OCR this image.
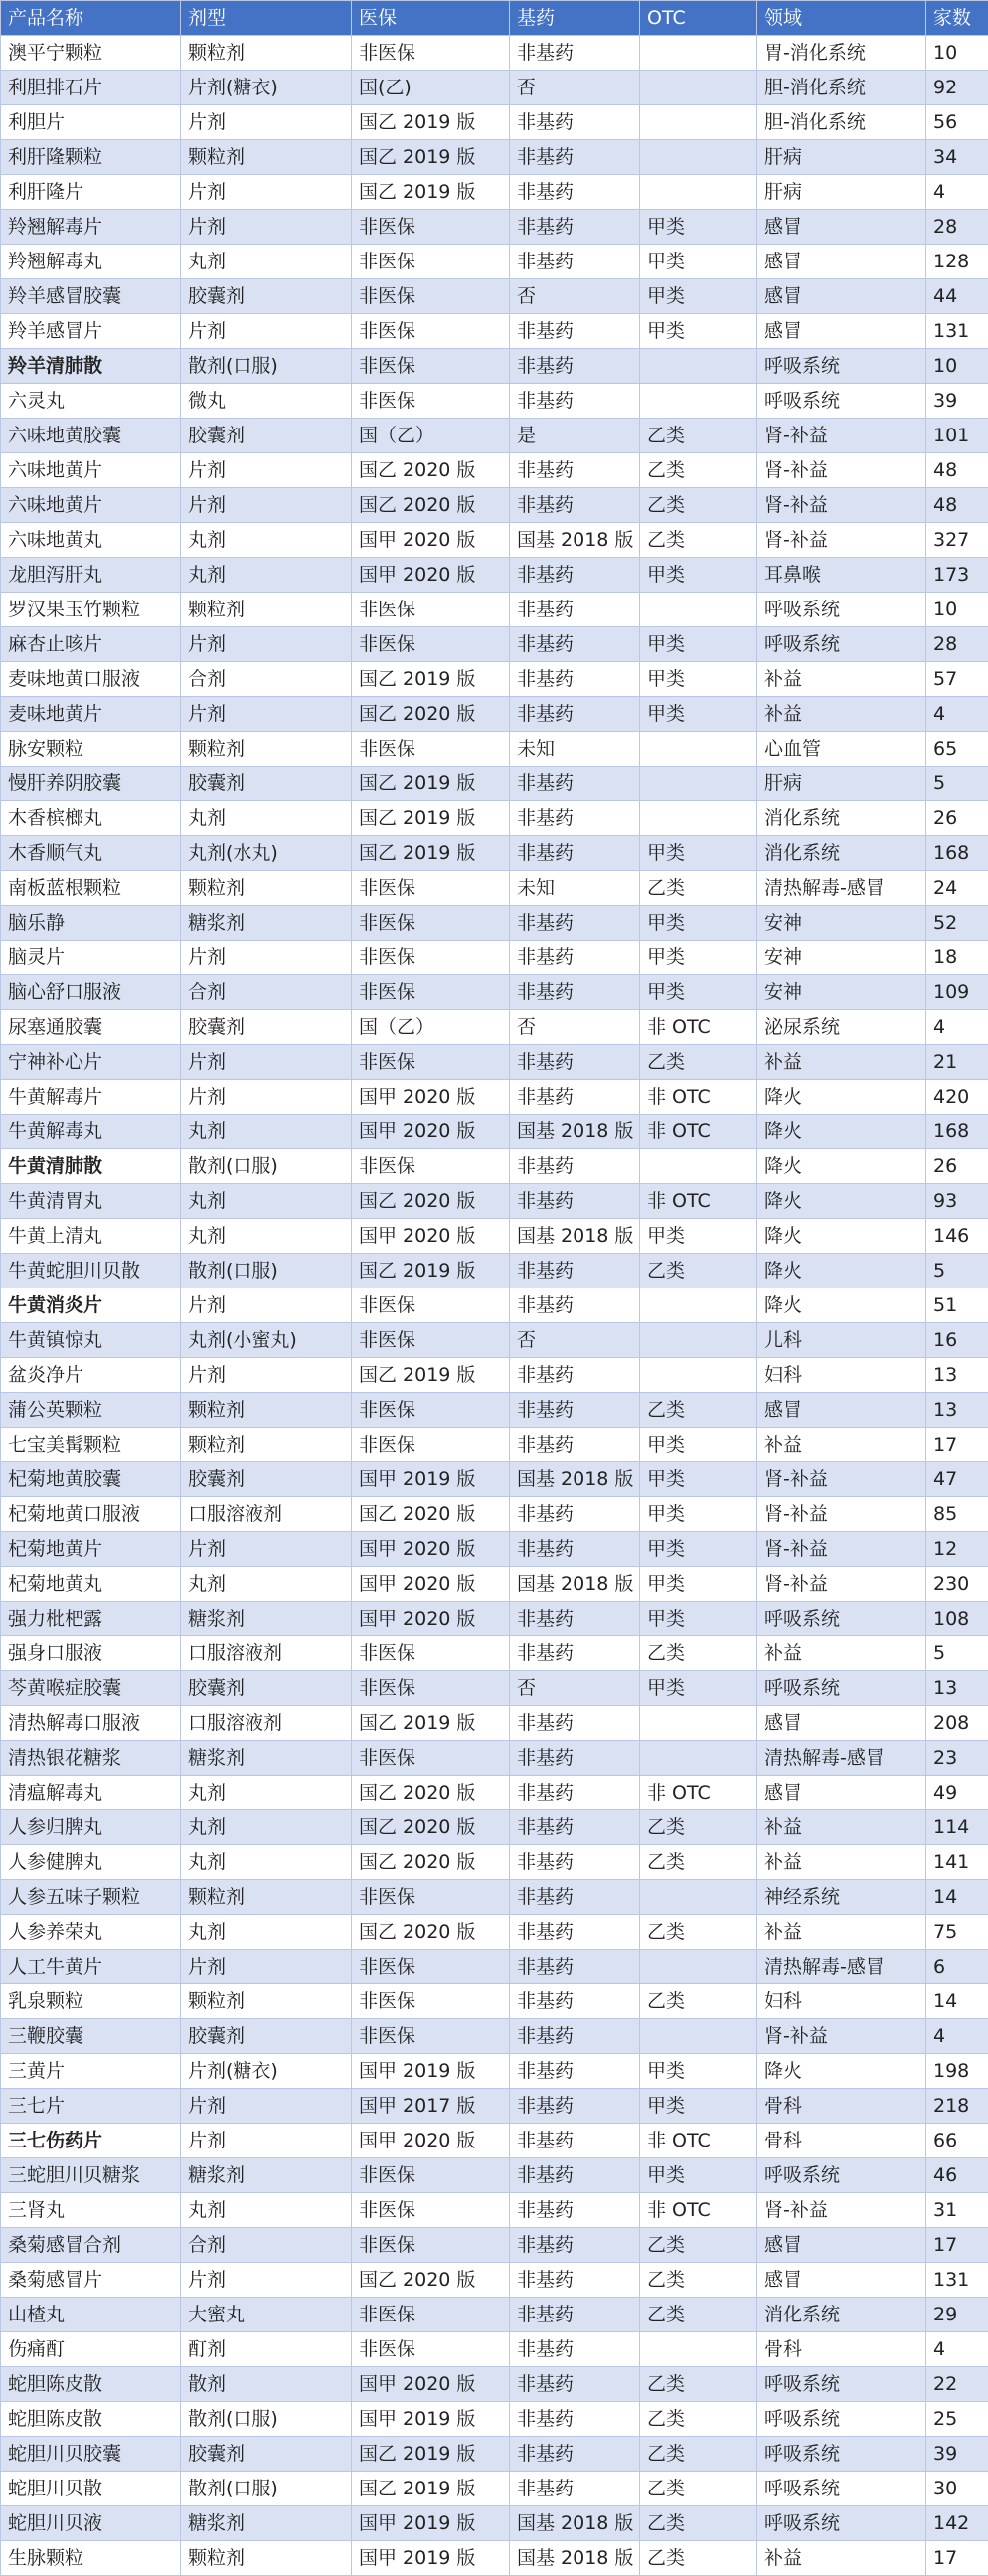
产品名称	剂型	医保	基药	OTC	领域	家数
澳平宁颗粒	颗粒剂	非医保	非基药		胃-消化系统	10
利胆排石片	片剂(糖衣)	国(乙)	否		胆-消化系统	92
利胆片	片剂	国乙 2019 版	非基药		胆-消化系统	56
利肝隆颗粒	颗粒剂	国乙 2019 版	非基药		肝病	34
利肝隆片	片剂	国乙 2019 版	非基药		肝病	4
羚翘解毒片	片剂	非医保	非基药	甲类	感冒	28
羚翘解毒丸	丸剂	非医保	非基药	甲类	感冒	128
羚羊感冒胶囊	胶囊剂	非医保	否	甲类	感冒	44
羚羊感冒片	片剂	非医保	非基药	甲类	感冒	131
羚羊清肺散	散剂(口服)	非医保	非基药		呼吸系统	10
六灵丸	微丸	非医保	非基药		呼吸系统	39
六味地黄胶囊	胶囊剂	国（乙）	是	乙类	肾-补益	101
六味地黄片	片剂	国乙 2020 版	非基药	乙类	肾-补益	48
六味地黄片	片剂	国乙 2020 版	非基药	乙类	肾-补益	48
六味地黄丸	丸剂	国甲 2020 版	国基 2018 版	乙类	肾-补益	327
龙胆泻肝丸	丸剂	国甲 2020 版	非基药	甲类	耳鼻喉	173
罗汉果玉竹颗粒	颗粒剂	非医保	非基药		呼吸系统	10
麻杏止咳片	片剂	非医保	非基药	甲类	呼吸系统	28
麦味地黄口服液	合剂	国乙 2019 版	非基药	甲类	补益	57
麦味地黄片	片剂	国乙 2020 版	非基药	甲类	补益	4
脉安颗粒	颗粒剂	非医保	未知		心血管	65
慢肝养阴胶囊	胶囊剂	国乙 2019 版	非基药		肝病	5
木香槟榔丸	丸剂	国乙 2019 版	非基药		消化系统	26
木香顺气丸	丸剂(水丸)	国乙 2019 版	非基药	甲类	消化系统	168
南板蓝根颗粒	颗粒剂	非医保	未知	乙类	清热解毒-感冒	24
脑乐静	糖浆剂	非医保	非基药	甲类	安神	52
脑灵片	片剂	非医保	非基药	甲类	安神	18
脑心舒口服液	合剂	非医保	非基药	甲类	安神	109
尿塞通胶囊	胶囊剂	国（乙）	否	非 OTC	泌尿系统	4
宁神补心片	片剂	非医保	非基药	乙类	补益	21
牛黄解毒片	片剂	国甲 2020 版	非基药	非 OTC	降火	420
牛黄解毒丸	丸剂	国甲 2020 版	国基 2018 版	非 OTC	降火	168
牛黄清肺散	散剂(口服)	非医保	非基药		降火	26
牛黄清胃丸	丸剂	国乙 2020 版	非基药	非 OTC	降火	93
牛黄上清丸	丸剂	国甲 2020 版	国基 2018 版	甲类	降火	146
牛黄蛇胆川贝散	散剂(口服)	国乙 2019 版	非基药	乙类	降火	5
牛黄消炎片	片剂	非医保	非基药		降火	51
牛黄镇惊丸	丸剂(小蜜丸)	非医保	否		儿科	16
盆炎净片	片剂	国乙 2019 版	非基药		妇科	13
蒲公英颗粒	颗粒剂	非医保	非基药	乙类	感冒	13
七宝美髯颗粒	颗粒剂	非医保	非基药	甲类	补益	17
杞菊地黄胶囊	胶囊剂	国甲 2019 版	国基 2018 版	甲类	肾-补益	47
杞菊地黄口服液	口服溶液剂	国乙 2020 版	非基药	甲类	肾-补益	85
杞菊地黄片	片剂	国甲 2020 版	非基药	甲类	肾-补益	12
杞菊地黄丸	丸剂	国甲 2020 版	国基 2018 版	甲类	肾-补益	230
强力枇杷露	糖浆剂	国甲 2020 版	非基药	甲类	呼吸系统	108
强身口服液	口服溶液剂	非医保	非基药	乙类	补益	5
芩黄喉症胶囊	胶囊剂	非医保	否	甲类	呼吸系统	13
清热解毒口服液	口服溶液剂	国乙 2019 版	非基药		感冒	208
清热银花糖浆	糖浆剂	非医保	非基药		清热解毒-感冒	23
清瘟解毒丸	丸剂	国乙 2020 版	非基药	非 OTC	感冒	49
人参归脾丸	丸剂	国乙 2020 版	非基药	乙类	补益	114
人参健脾丸	丸剂	国乙 2020 版	非基药	乙类	补益	141
人参五味子颗粒	颗粒剂	非医保	非基药		神经系统	14
人参养荣丸	丸剂	国乙 2020 版	非基药	乙类	补益	75
人工牛黄片	片剂	非医保	非基药		清热解毒-感冒	6
乳泉颗粒	颗粒剂	非医保	非基药	乙类	妇科	14
三鞭胶囊	胶囊剂	非医保	非基药		肾-补益	4
三黄片	片剂(糖衣)	国甲 2019 版	非基药	甲类	降火	198
三七片	片剂	国甲 2017 版	非基药	甲类	骨科	218
三七伤药片	片剂	国甲 2020 版	非基药	非 OTC	骨科	66
三蛇胆川贝糖浆	糖浆剂	非医保	非基药	甲类	呼吸系统	46
三肾丸	丸剂	非医保	非基药	非 OTC	肾-补益	31
桑菊感冒合剂	合剂	非医保	非基药	乙类	感冒	17
桑菊感冒片	片剂	国乙 2020 版	非基药	乙类	感冒	131
山楂丸	大蜜丸	非医保	非基药	乙类	消化系统	29
伤痛酊	酊剂	非医保	非基药		骨科	4
蛇胆陈皮散	散剂	国甲 2020 版	非基药	乙类	呼吸系统	22
蛇胆陈皮散	散剂(口服)	国甲 2019 版	非基药	乙类	呼吸系统	25
蛇胆川贝胶囊	胶囊剂	国乙 2019 版	非基药	乙类	呼吸系统	39
蛇胆川贝散	散剂(口服)	国乙 2019 版	非基药	乙类	呼吸系统	30
蛇胆川贝液	糖浆剂	国甲 2019 版	国基 2018 版	乙类	呼吸系统	142
生脉颗粒	颗粒剂	国甲 2019 版	国基 2018 版	乙类	补益	17
